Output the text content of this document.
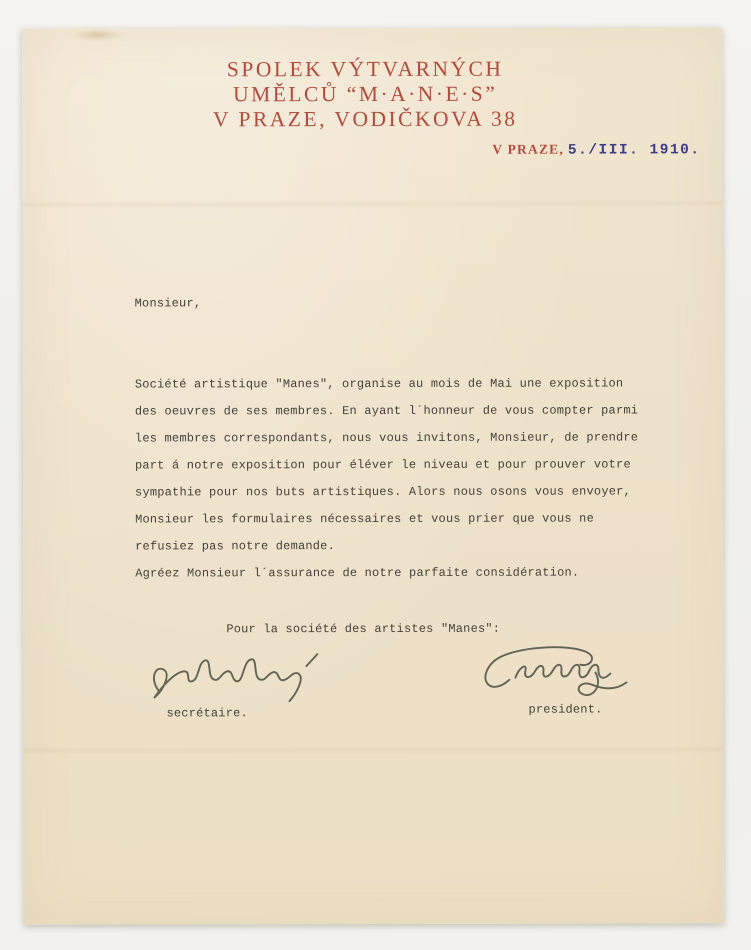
SPOLEK VÝTVARNÝCH
UMĚLCŮ “M·A·N·E·S”
V PRAZE, VODIČKOVA 38
V PRAZE, 5./III. 1910.
Monsieur,
Société artistique "Manes", organise au mois de Mai une exposition
des oeuvres de ses membres. En ayant l´honneur de vous compter parmi
les membres correspondants, nous vous invitons, Monsieur, de prendre
part á notre exposition pour éléver le niveau et pour prouver votre
sympathie pour nos buts artistiques. Alors nous osons vous envoyer,
Monsieur les formulaires nécessaires et vous prier que vous ne
refusiez pas notre demande.
Agréez Monsieur l´assurance de notre parfaite considération.
Pour la société des artistes "Manes":
secrétaire.	president.
